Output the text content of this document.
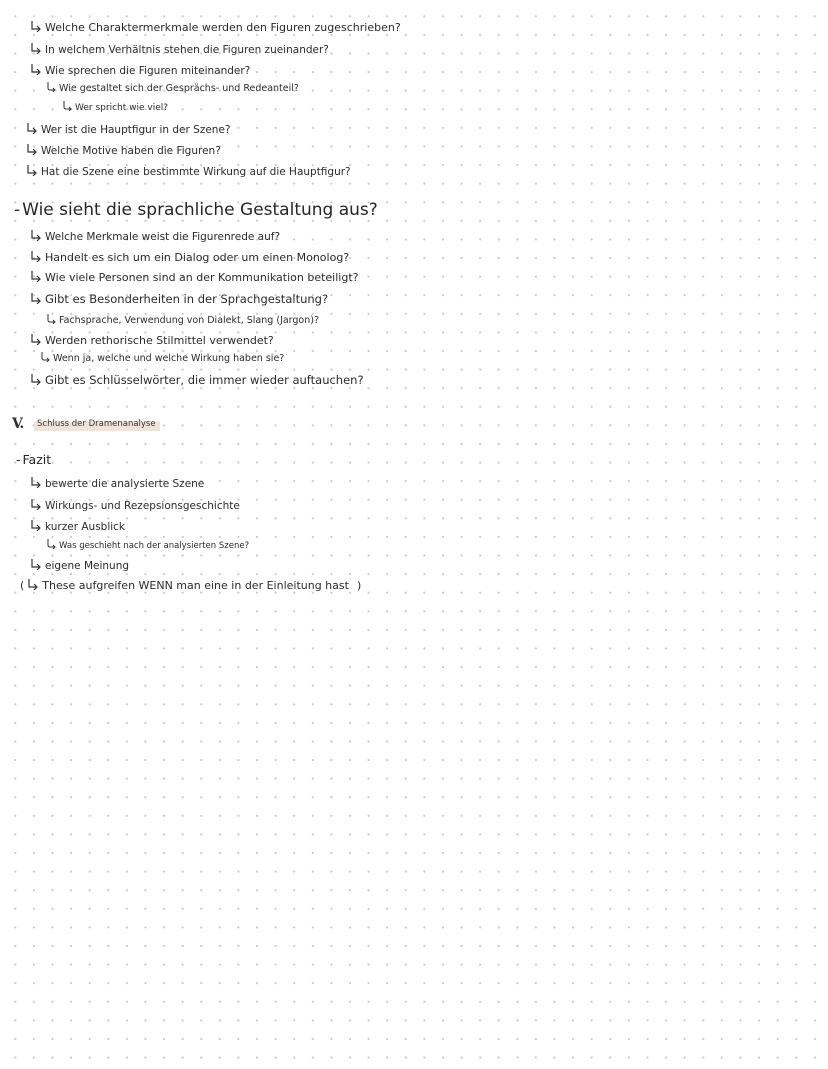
Welche Charaktermerkmale werden den Figuren zugeschrieben?
In welchem Verhältnis stehen die Figuren zueinander?
Wie sprechen die Figuren miteinander?
Wie gestaltet sich der Gesprächs- und Redeanteil?
Wer spricht wie viel?
Wer ist die Hauptfigur in der Szene?
Welche Motive haben die Figuren?
Hat die Szene eine bestimmte Wirkung auf die Hauptfigur?
- Wie sieht die sprachliche Gestaltung aus?
Welche Merkmale weist die Figurenrede auf?
Handelt es sich um ein Dialog oder um einen Monolog?
Wie viele Personen sind an der Kommunikation beteiligt?
Gibt es Besonderheiten in der Sprachgestaltung?
Fachsprache, Verwendung von Dialekt, Slang (Jargon)?
Werden rethorische Stilmittel verwendet?
Wenn ja, welche und welche Wirkung haben sie?
Gibt es Schlüsselwörter, die immer wieder auftauchen?
V.	Schluss der Dramenanalyse
- Fazit
bewerte die analysierte Szene
Wirkungs- und Rezepsionsgeschichte
kurzer Ausblick
Was geschieht nach der analysierten Szene?
eigene Meinung
( These aufgreifen WENN man eine in der Einleitung hast )
